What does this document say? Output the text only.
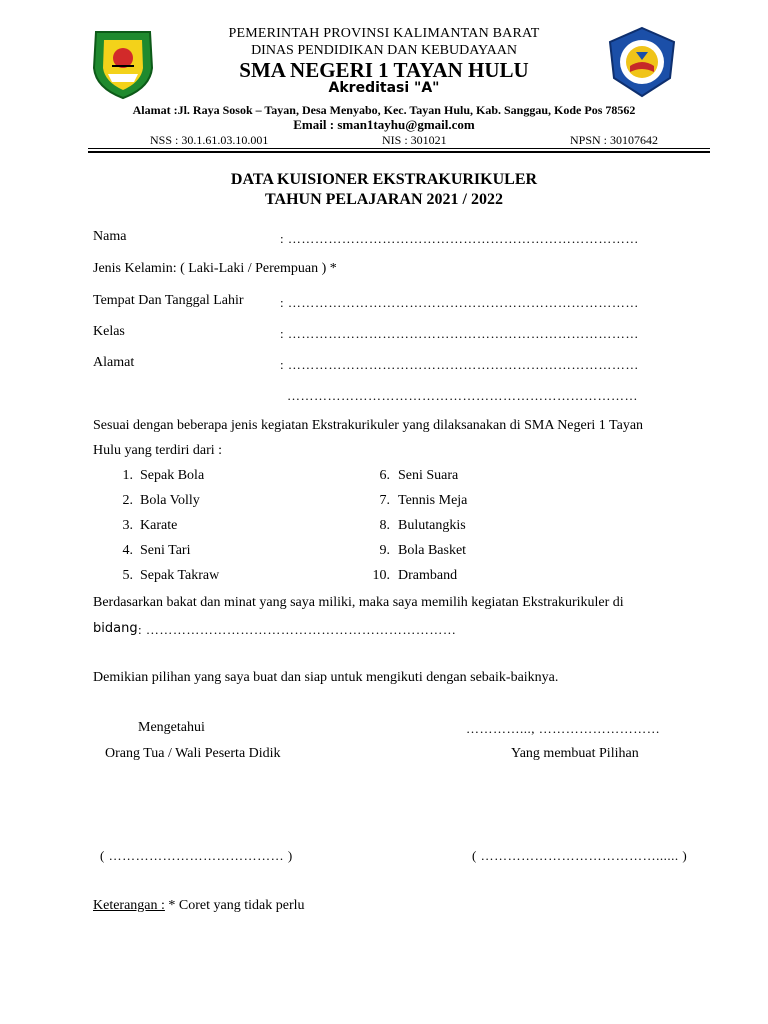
PEMERINTAH PROVINSI KALIMANTAN BARAT
DINAS PENDIDIKAN DAN KEBUDAYAAN
SMA NEGERI 1 TAYAN HULU
Akreditasi "A"
Alamat :Jl. Raya Sosok – Tayan, Desa Menyabo, Kec. Tayan Hulu, Kab. Sanggau, Kode Pos 78562
Email : sman1tayhu@gmail.com
NSS : 30.1.61.03.10.001	NIS : 301021	NPSN : 30107642
DATA KUISIONER EKSTRAKURIKULER
TAHUN PELAJARAN 2021 / 2022
Nama	: ……………………………………………………………………
Jenis Kelamin: ( Laki-Laki / Perempuan ) *
Tempat Dan Tanggal Lahir	: ……………………………………………………………………
Kelas	: ……………………………………………………………………
Alamat	: ……………………………………………………………………
……………………………………………………………………
Sesuai dengan beberapa jenis kegiatan Ekstrakurikuler yang dilaksanakan di SMA Negeri 1 Tayan
Hulu yang terdiri dari :
1. Sepak Bola
2. Bola Volly
3. Karate
4. Seni Tari
5. Sepak Takraw
6. Seni Suara
7. Tennis Meja
8. Bulutangkis
9. Bola Basket
10. Dramband
Berdasarkan bakat dan minat yang saya miliki, maka saya memilih kegiatan Ekstrakurikuler di
bidang : ……………………………………………………………
Demikian pilihan yang saya buat dan siap untuk mengikuti dengan sebaik-baiknya.
Mengetahui	…………..., ………………………
Orang Tua / Wali Peserta Didik	Yang membuat Pilihan
( ………………………………… )	( …………………………………...... )
Keterangan : * Coret yang tidak perlu
